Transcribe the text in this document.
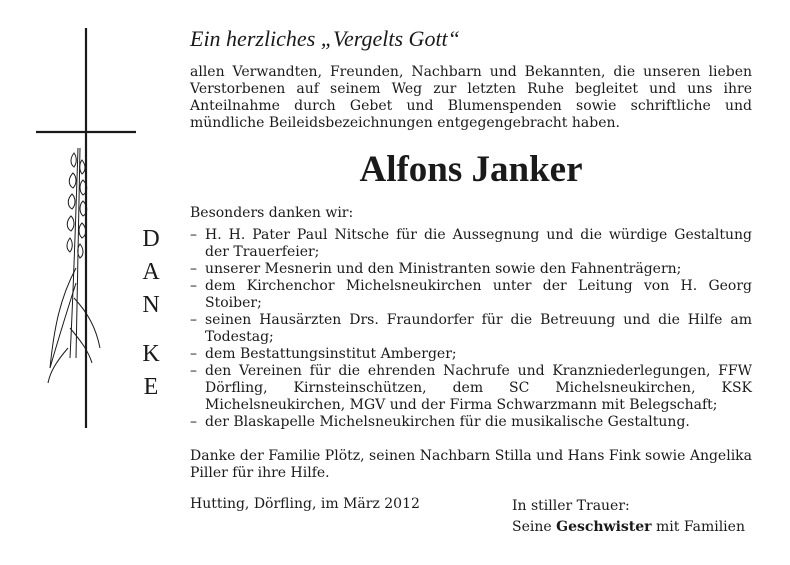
D
A
N
K
E
Ein herzliches „Vergelts Gott“
allen Verwandten, Freunden, Nachbarn und Bekannten, die unseren lieben Verstorbenen auf seinem Weg zur letzten Ruhe begleitet und uns ihre Anteilnahme durch Gebet und Blumenspenden sowie schriftliche und mündliche Beileidsbezeichnungen entgegengebracht haben.
Alfons Janker
Besonders danken wir:
– H. H. Pater Paul Nitsche für die Aussegnung und die würdige Gestaltung der Trauerfeier;
– unserer Mesnerin und den Ministranten sowie den Fahnenträgern;
– dem Kirchenchor Michelsneukirchen unter der Leitung von H. Georg Stoiber;
– seinen Hausärzten Drs. Fraundorfer für die Betreuung und die Hilfe am Todestag;
– dem Bestattungsinstitut Amberger;
– den Vereinen für die ehrenden Nachrufe und Kranzniederlegungen, FFW Dörfling, Kirnsteinschützen, dem SC Michelsneukirchen, KSK Michelsneukirchen, MGV und der Firma Schwarzmann mit Belegschaft;
– der Blaskapelle Michelsneukirchen für die musikalische Gestaltung.
Danke der Familie Plötz, seinen Nachbarn Stilla und Hans Fink sowie Angelika Piller für ihre Hilfe.
Hutting, Dörfling, im März 2012	In stiller Trauer:
Seine Geschwister mit Familien
